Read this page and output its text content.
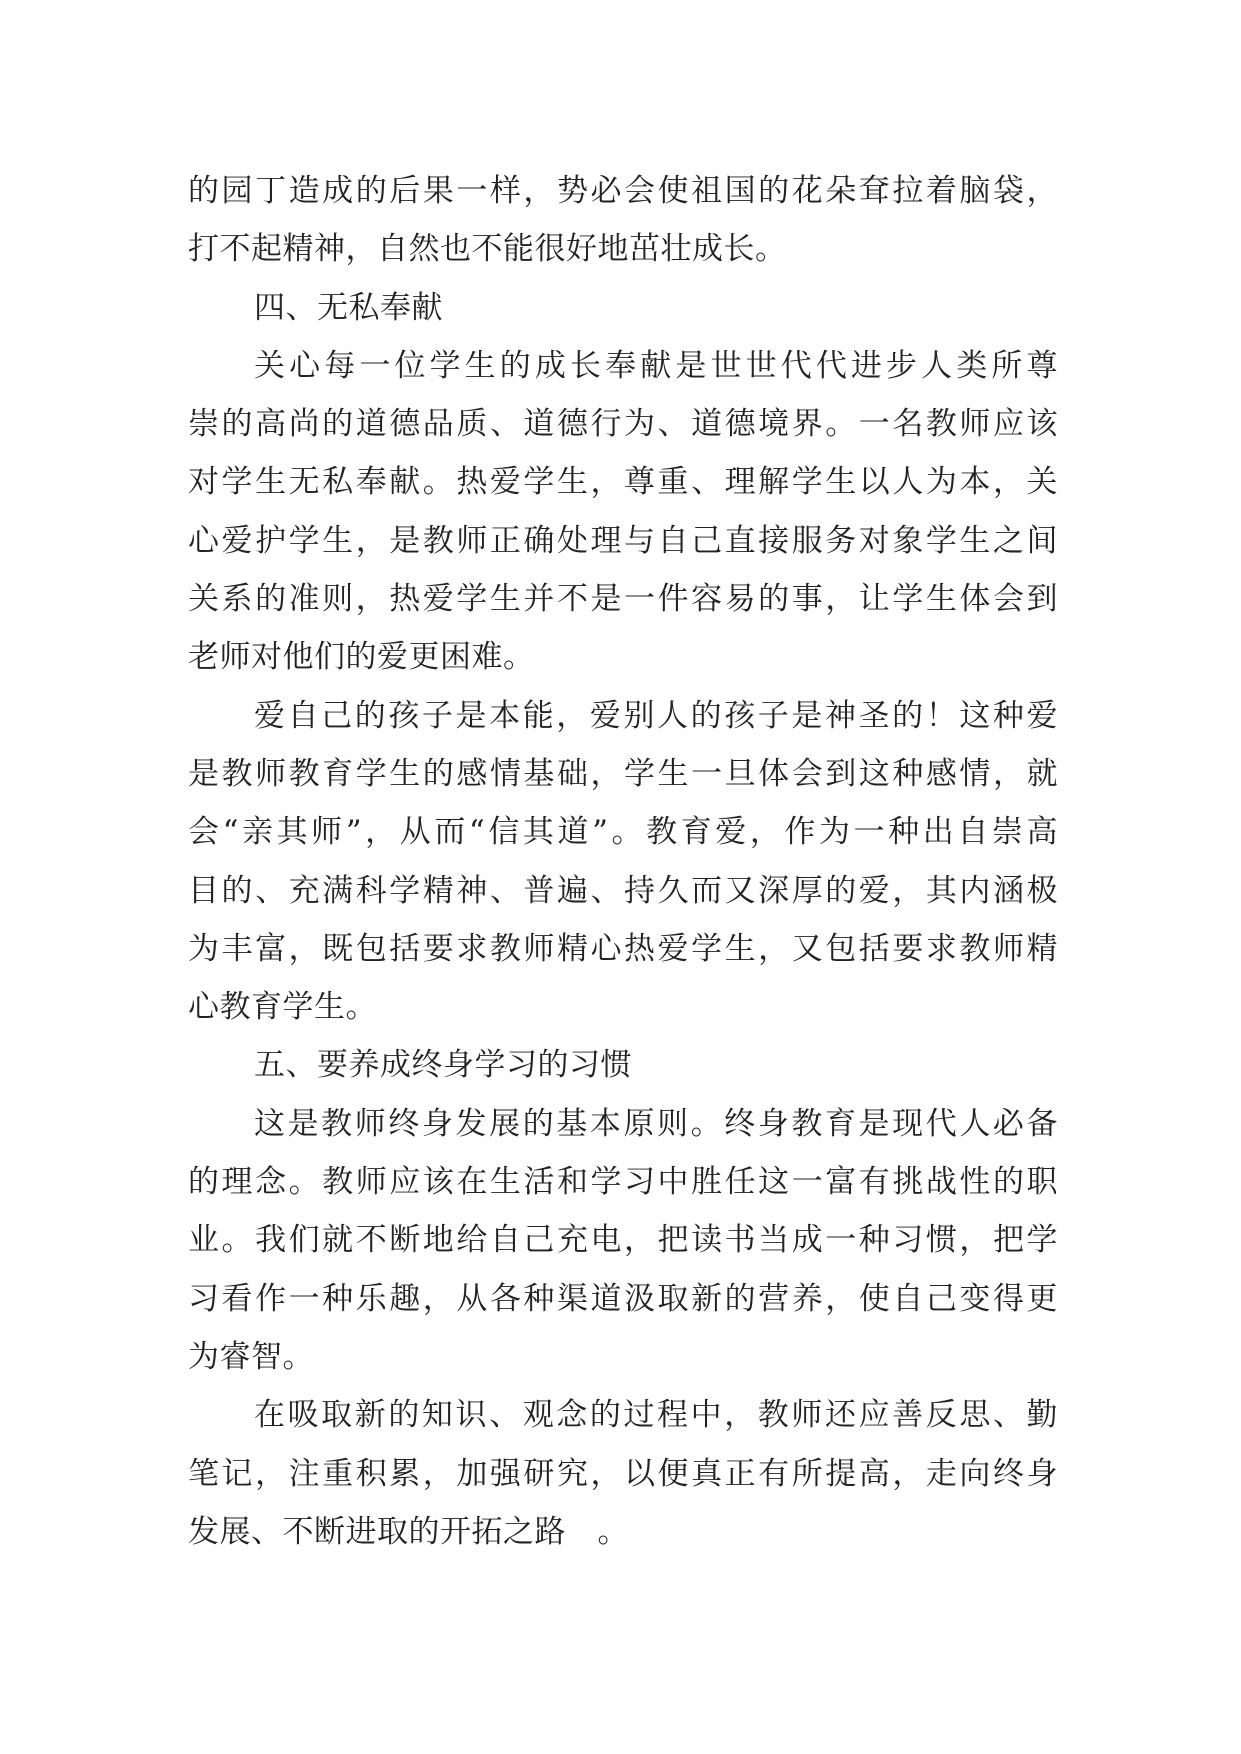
的园丁造成的后果一样，势必会使祖国的花朵耷拉着脑袋，
打不起精神，自然也不能很好地茁壮成长。
四、无私奉献
关心每一位学生的成长奉献是世世代代进步人类所尊
崇的高尚的道德品质、道德行为、道德境界。一名教师应该
对学生无私奉献。热爱学生，尊重、理解学生以人为本，关
心爱护学生，是教师正确处理与自己直接服务对象学生之间
关系的准则，热爱学生并不是一件容易的事，让学生体会到
老师对他们的爱更困难。
爱自己的孩子是本能，爱别人的孩子是神圣的！这种爱
是教师教育学生的感情基础，学生一旦体会到这种感情，就
会“亲其师”，从而“信其道”。教育爱，作为一种出自崇高
目的、充满科学精神、普遍、持久而又深厚的爱，其内涵极
为丰富，既包括要求教师精心热爱学生，又包括要求教师精
心教育学生。
五、要养成终身学习的习惯
这是教师终身发展的基本原则。终身教育是现代人必备
的理念。教师应该在生活和学习中胜任这一富有挑战性的职
业。我们就不断地给自己充电，把读书当成一种习惯，把学
习看作一种乐趣，从各种渠道汲取新的营养，使自己变得更
为睿智。
在吸取新的知识、观念的过程中，教师还应善反思、勤
笔记，注重积累，加强研究，以便真正有所提高，走向终身
发展、不断进取的开拓之路　。
